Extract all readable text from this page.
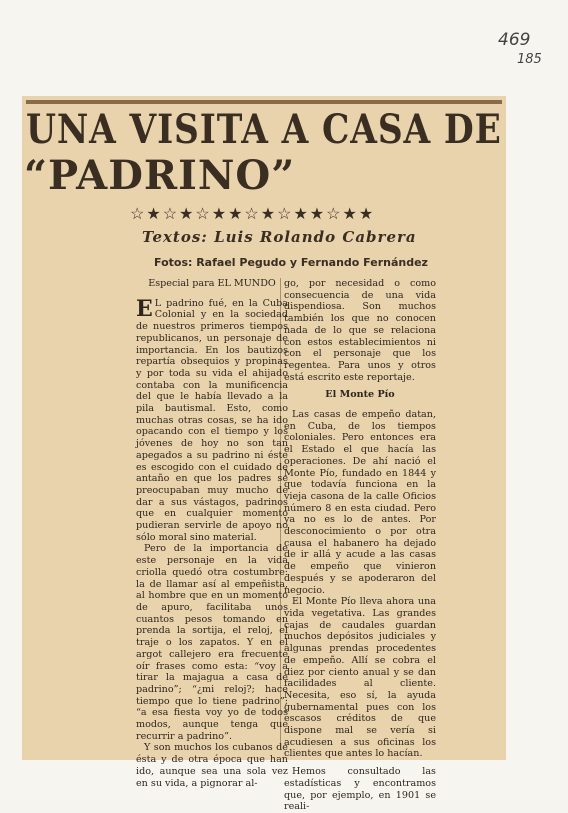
469
185
UNA VISITA A CASA DE
“PADRINO”
☆★☆★☆★★☆★☆★★☆★★
Textos: Luis Rolando Cabrera
Fotos: Rafael Pegudo y Fernando Fernández

Especial para EL MUNDO

E L padrino fué, en la Cuba Colonial y en la sociedad de nuestros primeros tiempos republicanos, un personaje de importancia. En los bautizos repartía obsequios y propinas y por toda su vida el ahijado contaba con la munificencia del que le había llevado a la pila bautismal. Esto, como muchas otras cosas, se ha ido opacando con el tiempo y los jóvenes de hoy no son tan apegados a su padrino ni éste es escogido con el cuidado de antaño en que los padres se preocupaban muy mucho de dar a sus vástagos, padrinos que en cualquier momento pudieran servirle de apoyo no sólo moral sino material.

Pero de la importancia de este personaje en la vida criolla quedó otra costumbre: la de llamar así al empeñista, al hombre que en un momento de apuro, facilitaba unos cuantos pesos tomando en prenda la sortija, el reloj, el traje o los zapatos. Y en el argot callejero era frecuente oír frases como esta: “voy a tirar la majagua a casa de padrino”; “¿mi reloj?; hace tiempo que lo tiene padrino”; “a esa fiesta voy yo de todos modos, aunque tenga que recurrir a padrino”.

Y son muchos los cubanos de ésta y de otra época que han ido, aunque sea una sola vez en su vida, a pignorar al-

go, por necesidad o como consecuencia de una vida dispendiosa. Son muchos también los que no conocen nada de lo que se relaciona con estos establecimientos ni con el personaje que los regentea. Para unos y otros está escrito este reportaje.

El Monte Pío

Las casas de empeño datan, en Cuba, de los tiempos coloniales. Pero entonces era el Estado el que hacía las operaciones. De ahí nació el Monte Pío, fundado en 1844 y que todavía funciona en la vieja casona de la calle Oficios número 8 en esta ciudad. Pero ya no es lo de antes. Por desconocimiento o por otra causa el habanero ha dejado de ir allá y acude a las casas de empeño que vinieron después y se apoderaron del negocio.

El Monte Pío lleva ahora una vida vegetativa. Las grandes cajas de caudales guardan muchos depósitos judiciales y algunas prendas procedentes de empeño. Allí se cobra el diez por ciento anual y se dan facilidades al cliente. Necesita, eso sí, la ayuda gubernamental pues con los escasos créditos de que dispone mal se vería si acudiesen a sus oficinas los clientes que antes lo hacían.

Hemos consultado las estadísticas y encontramos que, por ejemplo, en 1901 se reali-
